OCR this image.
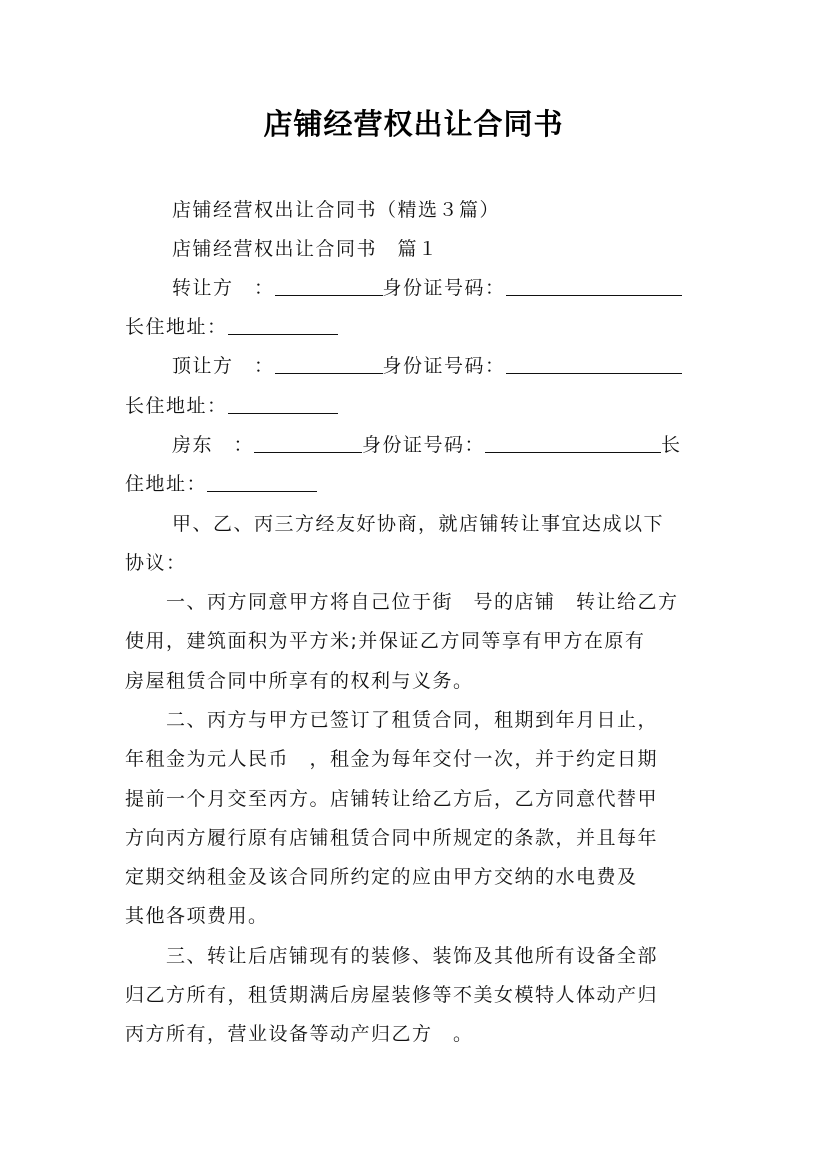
店铺经营权出让合同书
店铺经营权出让合同书（精选３篇）
店铺经营权出让合同书　篇１
转让方　：	身份证号码：
长住地址：
顶让方　：	身份证号码：
长住地址：
房东　：	身份证号码：	长
住地址：
甲、乙、丙三方经友好协商，就店铺转让事宜达成以下
协议：
一、丙方同意甲方将自己位于街　号的店铺　转让给乙方
使用，建筑面积为平方米;并保证乙方同等享有甲方在原有
房屋租赁合同中所享有的权利与义务。
二、丙方与甲方已签订了租赁合同，租期到年月日止，
年租金为元人民币　，租金为每年交付一次，并于约定日期
提前一个月交至丙方。店铺转让给乙方后，乙方同意代替甲
方向丙方履行原有店铺租赁合同中所规定的条款，并且每年
定期交纳租金及该合同所约定的应由甲方交纳的水电费及
其他各项费用。
三、转让后店铺现有的装修、装饰及其他所有设备全部
归乙方所有，租赁期满后房屋装修等不美女模特人体动产归
丙方所有，营业设备等动产归乙方　。
